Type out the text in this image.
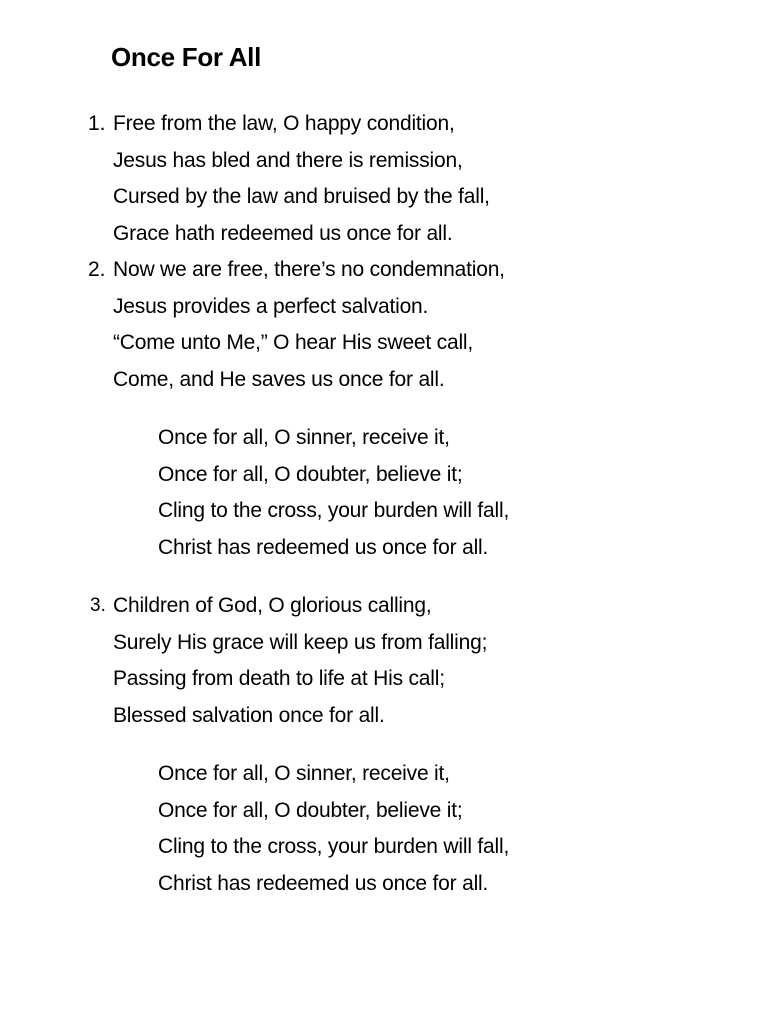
Once For All
1. Free from the law, O happy condition,
Jesus has bled and there is remission,
Cursed by the law and bruised by the fall,
Grace hath redeemed us once for all.
2. Now we are free, there’s no condemnation,
Jesus provides a perfect salvation.
“Come unto Me,” O hear His sweet call,
Come, and He saves us once for all.
Once for all, O sinner, receive it,
Once for all, O doubter, believe it;
Cling to the cross, your burden will fall,
Christ has redeemed us once for all.
3. Children of God, O glorious calling,
Surely His grace will keep us from falling;
Passing from death to life at His call;
Blessed salvation once for all.
Once for all, O sinner, receive it,
Once for all, O doubter, believe it;
Cling to the cross, your burden will fall,
Christ has redeemed us once for all.
